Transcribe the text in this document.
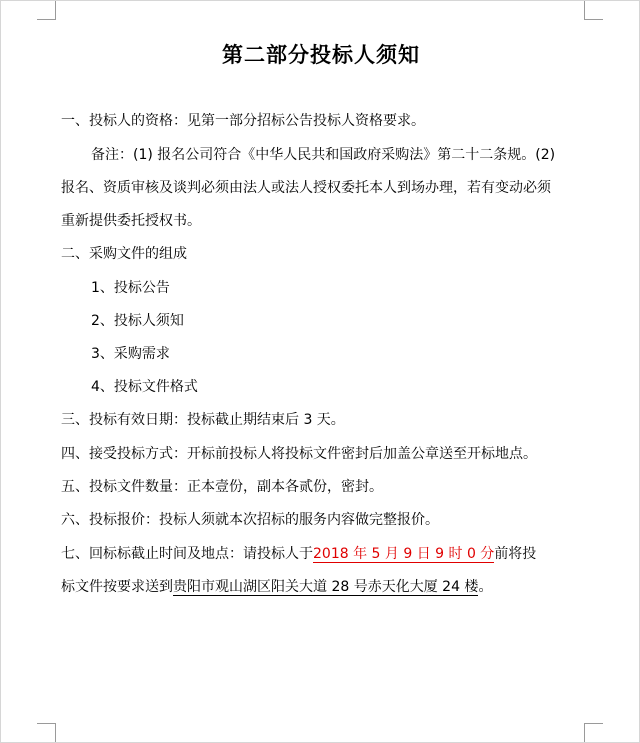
第二部分投标人须知
一、投标人的资格：见第一部分招标公告投标人资格要求。
备注：(1) 报名公司符合《中华人民共和国政府采购法》第二十二条规。(2)
报名、资质审核及谈判必须由法人或法人授权委托本人到场办理，若有变动必须
重新提供委托授权书。
二、采购文件的组成
1、投标公告
2、投标人须知
3、采购需求
4、投标文件格式
三、投标有效日期：投标截止期结束后 3 天。
四、接受投标方式：开标前投标人将投标文件密封后加盖公章送至开标地点。
五、投标文件数量：正本壹份，副本各贰份，密封。
六、投标报价：投标人须就本次招标的服务内容做完整报价。
七、回标标截止时间及地点：请投标人于2018 年 5 月 9 日 9 时 0 分前将投
标文件按要求送到贵阳市观山湖区阳关大道 28 号赤天化大厦 24 楼。
